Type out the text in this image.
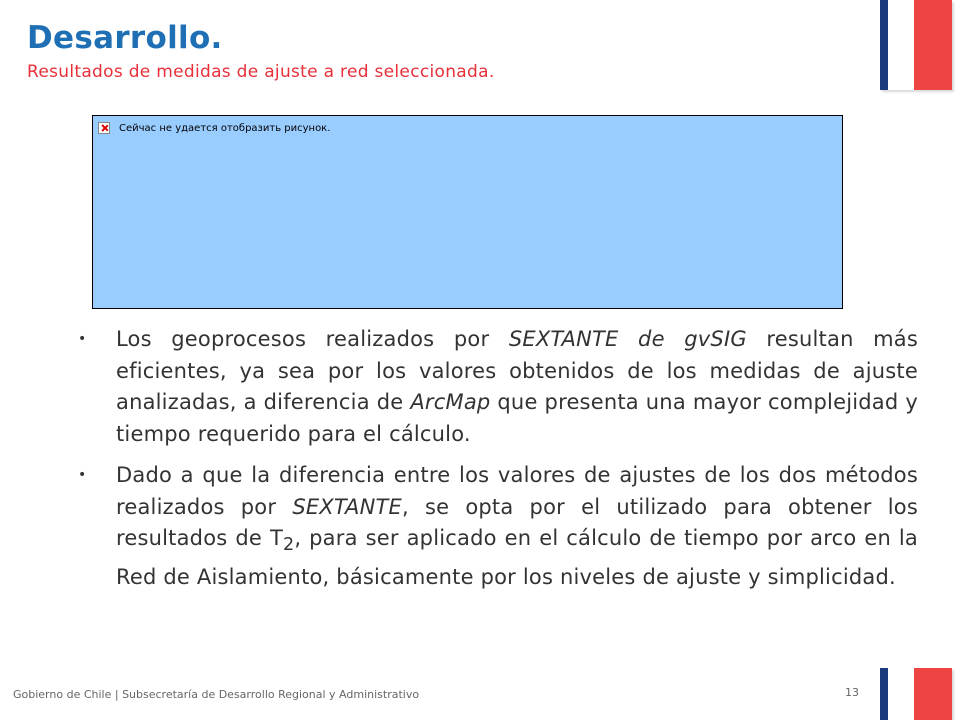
Desarrollo.
Resultados de medidas de ajuste a red seleccionada.
Сейчас не удается отобразить рисунок.
• Los geoprocesos realizados por SEXTANTE de gvSIG resultan más eficientes, ya sea por los valores obtenidos de los medidas de ajuste analizadas, a diferencia de ArcMap que presenta una mayor complejidad y tiempo requerido para el cálculo.
• Dado a que la diferencia entre los valores de ajustes de los dos métodos realizados por SEXTANTE, se opta por el utilizado para obtener los resultados de $T_2$, para ser aplicado en el cálculo de tiempo por arco en la Red de Aislamiento, básicamente por los niveles de ajuste y simplicidad.
Gobierno de Chile | Subsecretaría de Desarrollo Regional y Administrativo	13
